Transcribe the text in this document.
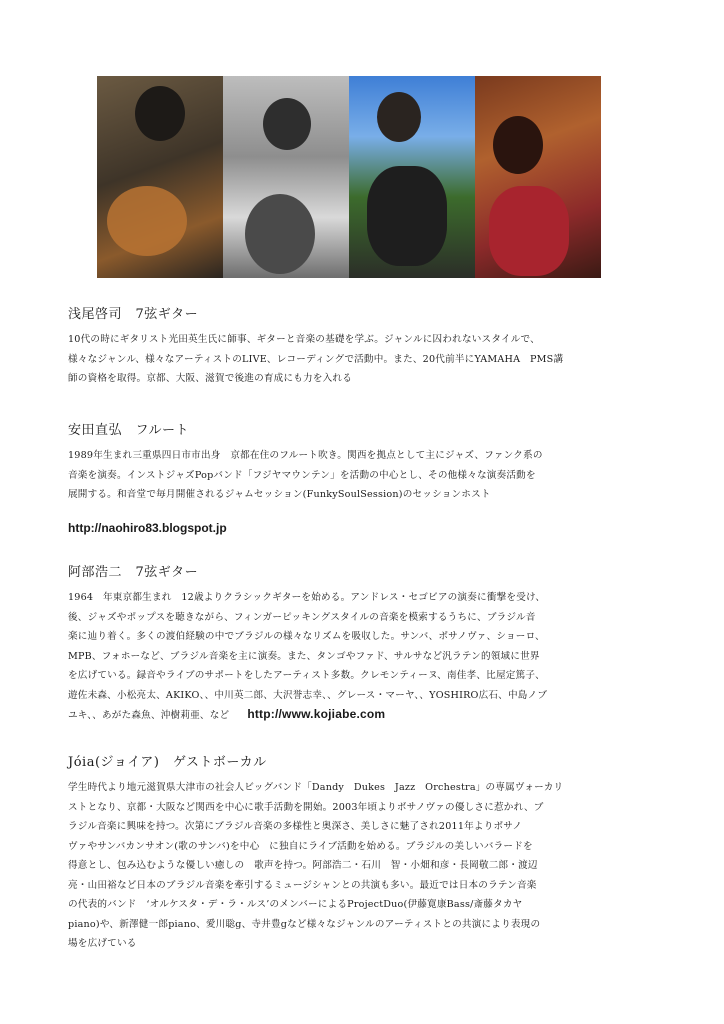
浅尾啓司　7弦ギター

10代の時にギタリスト光田英生氏に師事、ギターと音楽の基礎を学ぶ。ジャンルに囚われないスタイルで、

様々なジャンル、様々なアーティストのLIVE、レコーディングで活動中。また、20代前半にYAMAHA　PMS講

師の資格を取得。京都、大阪、滋賀で後進の育成にも力を入れる

安田直弘　フルート

1989年生まれ三重県四日市市出身　京都在住のフルート吹き。関西を拠点として主にジャズ、ファンク系の

音楽を演奏。インストジャズPopバンド「フジヤマウンテン」を活動の中心とし、その他様々な演奏活動を

展開する。和音堂で毎月開催されるジャムセッション(FunkySoulSession)のセッションホスト

http://naohiro83.blogspot.jp

阿部浩二　7弦ギター

1964　年東京都生まれ　12歳よりクラシックギターを始める。アンドレス・セゴビアの演奏に衝撃を受け、

後、ジャズやポップスを聴きながら、フィンガーピッキングスタイルの音楽を模索するうちに、ブラジル音

楽に辿り着く。多くの渡伯経験の中でブラジルの様々なリズムを吸収した。サンバ、ボサノヴァ、ショーロ、

MPB、フォホーなど、ブラジル音楽を主に演奏。また、タンゴやファド、サルサなど汎ラテン的領域に世界

を広げている。録音やライブのサポートをしたアーティスト多数。クレモンティーヌ、南佳孝、比屋定篤子、

遊佐未森、小松亮太、AKIKO、、中川英二郎、大沢誉志幸、、グレース・マーヤ、、YOSHIRO広石、中島ノブ

ユキ、、あがた森魚、沖樹莉亜、など http://www.kojiabe.com

Jóia(ジョイア)　ゲストボーカル

学生時代より地元滋賀県大津市の社会人ビッグバンド「Dandy　Dukes　Jazz　Orchestra」の専属ヴォーカリ

ストとなり、京都・大阪など関西を中心に歌手活動を開始。2003年頃よりボサノヴァの優しさに惹かれ、ブ

ラジル音楽に興味を持つ。次第にブラジル音楽の多様性と奥深さ、美しさに魅了され2011年よりボサノ

ヴァやサンバカンサオン(歌のサンバ)を中心　に独自にライブ活動を始める。ブラジルの美しいバラードを

得意とし、包み込むような優しい癒しの　歌声を持つ。阿部浩二・石川　智・小畑和彦・長岡敬二郎・渡辺

亮・山田裕など日本のブラジル音楽を牽引するミュージシャンとの共演も多い。最近では日本のラテン音楽

の代表的バンド　‘オルケスタ・デ・ラ・ルス’のメンバーによるProjectDuo(伊藤寛康Bass/斎藤タカヤ

piano)や、新澤健一郎piano、愛川聡g、寺井豊gなど様々なジャンルのアーティストとの共演により表現の

場を広げている
